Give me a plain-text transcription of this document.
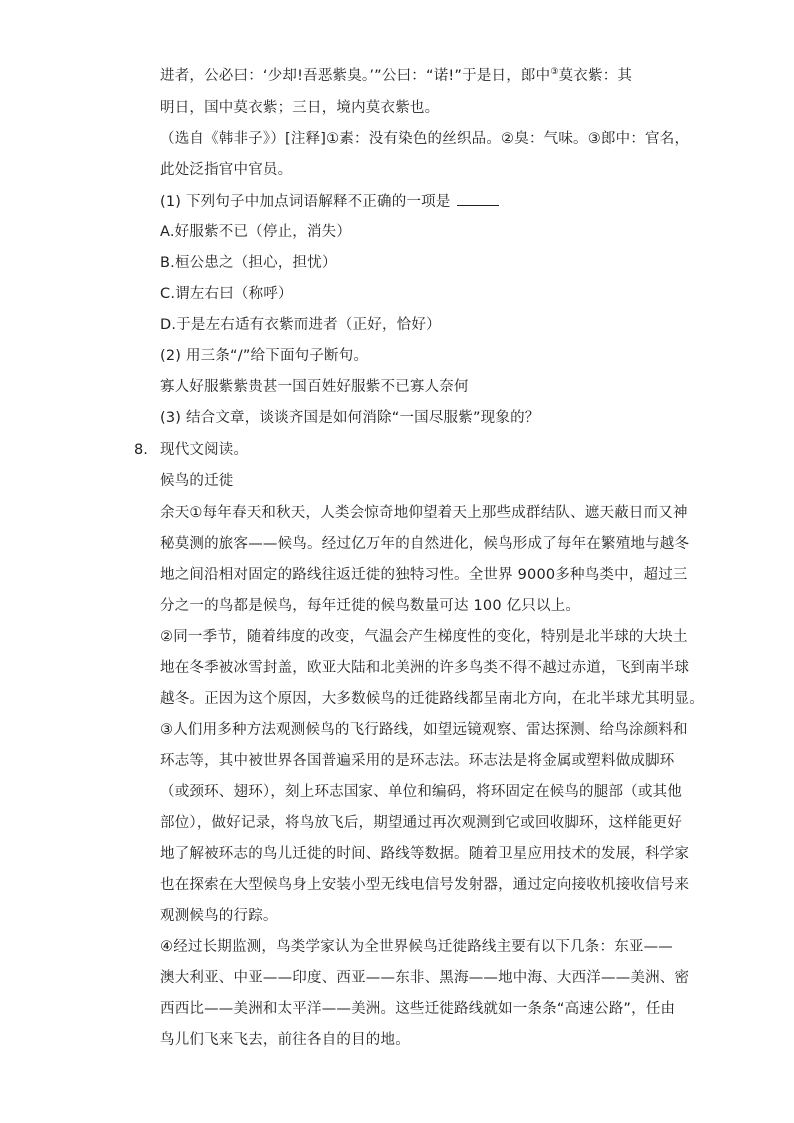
进者，公必曰：‘少却!吾恶紫臭。’”公曰：“诺!”于是日，郎中③莫衣紫：其
明日，国中莫衣紫；三日，境内莫衣紫也。
（选自《韩非子》）[注释]①素：没有染色的丝织品。②臭：气味。③郎中：官名，
此处泛指官中官员。
(1) 下列句子中加点词语解释不正确的一项是
A.好服紫不已（停止，消失）
B.桓公患之（担心，担忧）
C.谓左右曰（称呼）
D.于是左右适有衣紫而进者（正好，恰好）
(2) 用三条“/”给下面句子断句。
寡人好服紫紫贵甚一国百姓好服紫不已寡人奈何
(3) 结合文章，谈谈齐国是如何消除“一国尽服紫”现象的？
8. 现代文阅读。
候鸟的迁徙
余天①每年春天和秋天，人类会惊奇地仰望着天上那些成群结队、遮天蔽日而又神
秘莫测的旅客——候鸟。经过亿万年的自然进化，候鸟形成了每年在繁殖地与越冬
地之间沿相对固定的路线往返迁徙的独特习性。全世界 9000多种鸟类中，超过三
分之一的鸟都是候鸟，每年迁徙的候鸟数量可达 100 亿只以上。
②同一季节，随着纬度的改变，气温会产生梯度性的变化，特别是北半球的大块土
地在冬季被冰雪封盖，欧亚大陆和北美洲的许多鸟类不得不越过赤道，飞到南半球
越冬。正因为这个原因，大多数候鸟的迁徙路线都呈南北方向，在北半球尤其明显。
③人们用多种方法观测候鸟的飞行路线，如望远镜观察、雷达探测、给鸟涂颜料和
环志等，其中被世界各国普遍采用的是环志法。环志法是将金属或塑料做成脚环
（或颈环、翅环），刻上环志国家、单位和编码，将环固定在候鸟的腿部（或其他
部位），做好记录，将鸟放飞后，期望通过再次观测到它或回收脚环，这样能更好
地了解被环志的鸟儿迁徙的时间、路线等数据。随着卫星应用技术的发展，科学家
也在探索在大型候鸟身上安装小型无线电信号发射器，通过定向接收机接收信号来
观测候鸟的行踪。
④经过长期监测，鸟类学家认为全世界候鸟迁徙路线主要有以下几条：东亚——
澳大利亚、中亚——印度、西亚——东非、黑海——地中海、大西洋——美洲、密
西西比——美洲和太平洋——美洲。这些迁徙路线就如一条条“高速公路”，任由
鸟儿们飞来飞去，前往各自的目的地。
